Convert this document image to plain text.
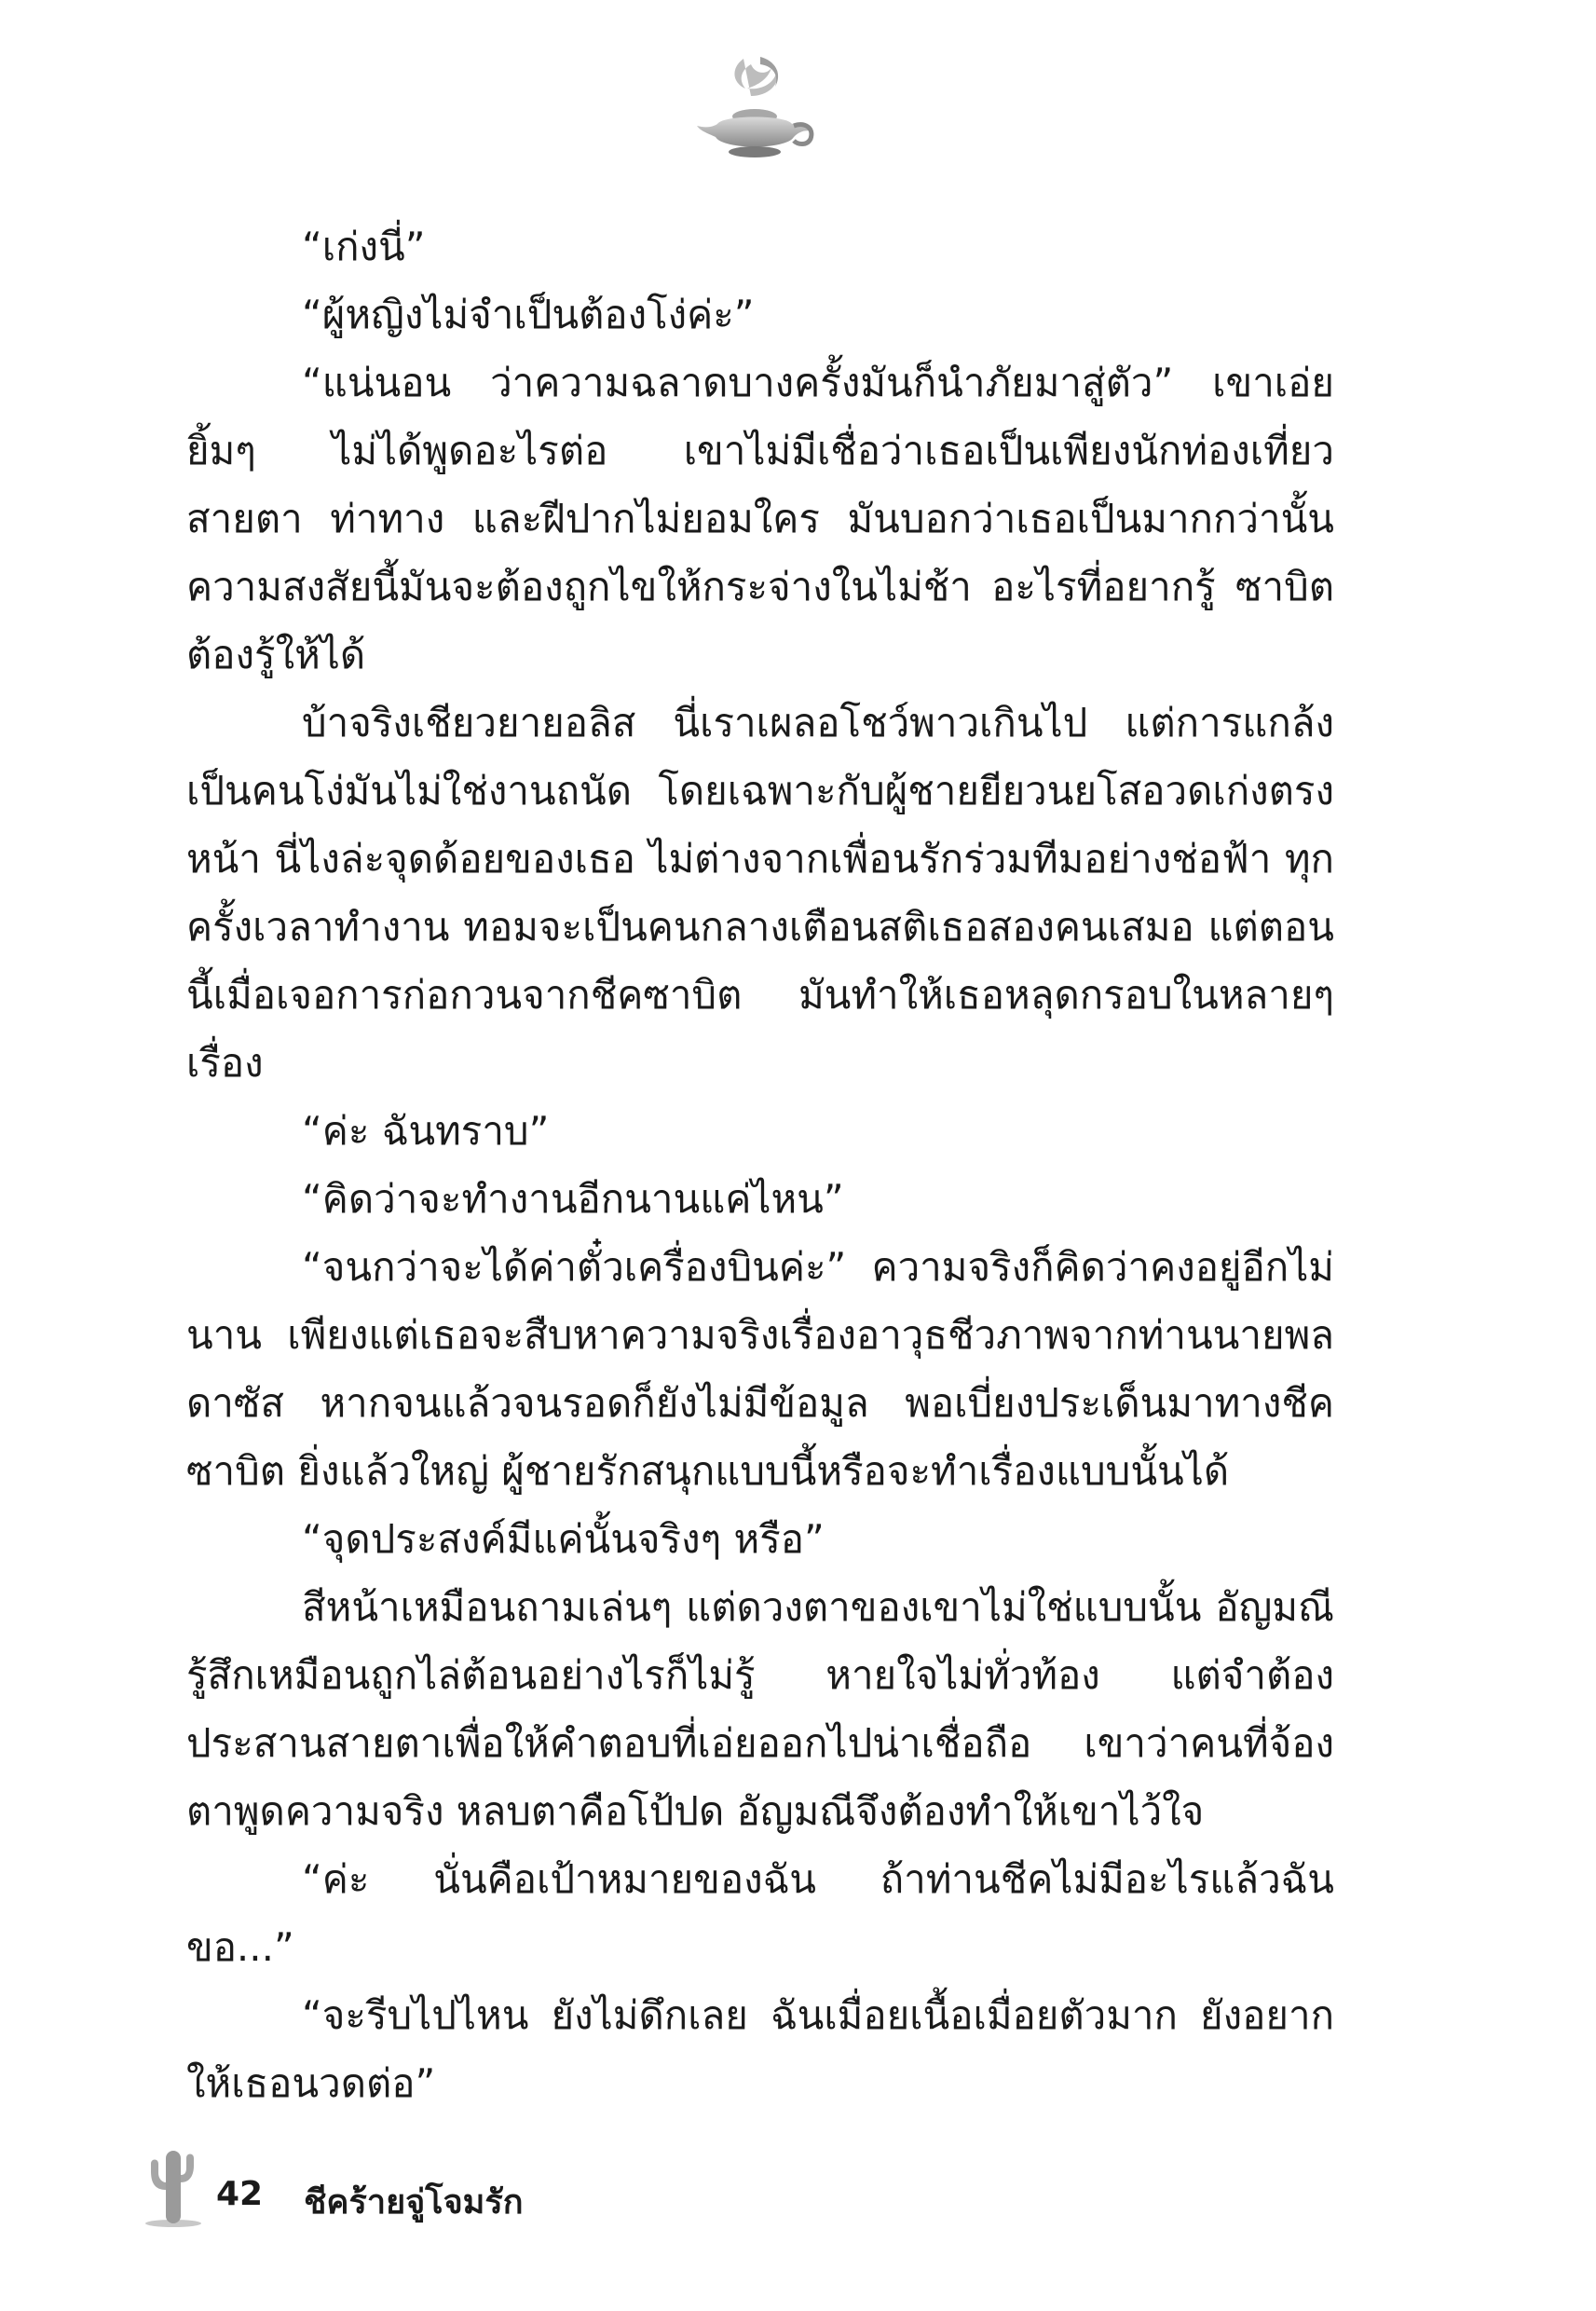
“เก่งนี่”

“ผู้หญิงไม่จำเป็นต้องโง่ค่ะ”

“แน่นอน ว่าความฉลาดบางครั้งมันก็นำภัยมาสู่ตัว” เขาเอ่ยยิ้มๆ ไม่ได้พูดอะไรต่อ เขาไม่มีเชื่อว่าเธอเป็นเพียงนักท่องเที่ยว สายตา ท่าทาง และฝีปากไม่ยอมใคร มันบอกว่าเธอเป็นมากกว่านั้น ความสงสัยนี้มันจะต้องถูกไขให้กระจ่างในไม่ช้า อะไรที่อยากรู้ ซาบิตต้องรู้ให้ได้

บ้าจริงเชียวยายอลิส นี่เราเผลอโชว์พาวเกินไป แต่การแกล้งเป็นคนโง่มันไม่ใช่งานถนัด โดยเฉพาะกับผู้ชายยียวนยโสอวดเก่งตรงหน้า นี่ไงล่ะจุดด้อยของเธอ ไม่ต่างจากเพื่อนรักร่วมทีมอย่างช่อฟ้า ทุกครั้งเวลาทำงาน ทอมจะเป็นคนกลางเตือนสติเธอสองคนเสมอ แต่ตอนนี้เมื่อเจอการก่อกวนจากชีคซาบิต มันทำให้เธอหลุดกรอบในหลายๆ เรื่อง

“ค่ะ ฉันทราบ”

“คิดว่าจะทำงานอีกนานแค่ไหน”

“จนกว่าจะได้ค่าตั๋วเครื่องบินค่ะ” ความจริงก็คิดว่าคงอยู่อีกไม่นาน เพียงแต่เธอจะสืบหาความจริงเรื่องอาวุธชีวภาพจากท่านนายพลดาซัส หากจนแล้วจนรอดก็ยังไม่มีข้อมูล พอเบี่ยงประเด็นมาทางชีคซาบิต ยิ่งแล้วใหญ่ ผู้ชายรักสนุกแบบนี้หรือจะทำเรื่องแบบนั้นได้

“จุดประสงค์มีแค่นั้นจริงๆ หรือ”

สีหน้าเหมือนถามเล่นๆ แต่ดวงตาของเขาไม่ใช่แบบนั้น อัญมณีรู้สึกเหมือนถูกไล่ต้อนอย่างไรก็ไม่รู้ หายใจไม่ทั่วท้อง แต่จำต้องประสานสายตาเพื่อให้คำตอบที่เอ่ยออกไปน่าเชื่อถือ เขาว่าคนที่จ้องตาพูดความจริง หลบตาคือโป้ปด อัญมณีจึงต้องทำให้เขาไว้ใจ

“ค่ะ นั่นคือเป้าหมายของฉัน ถ้าท่านชีคไม่มีอะไรแล้วฉันขอ...”

“จะรีบไปไหน ยังไม่ดึกเลย ฉันเมื่อยเนื้อเมื่อยตัวมาก ยังอยากให้เธอนวดต่อ”

42 ชีคร้ายจู่โจมรัก
